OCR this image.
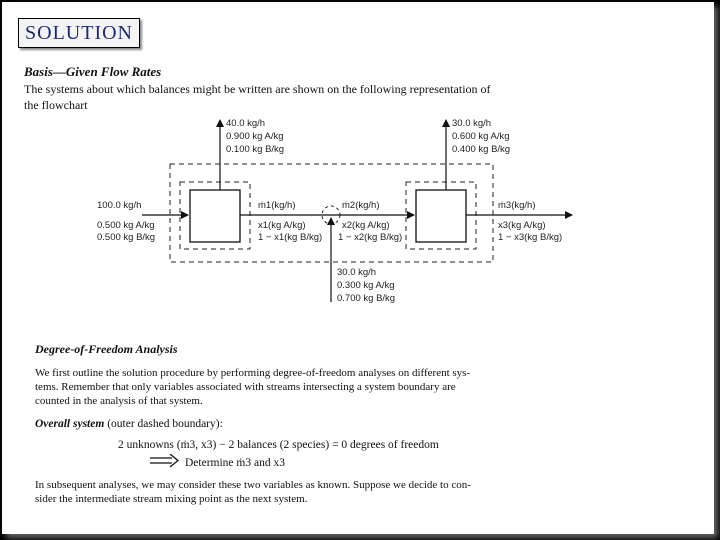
SOLUTION
Basis—Given Flow Rates
The systems about which balances might be written are shown on the following representation of
the flowchart
40.0 kg/h
0.900 kg A/kg
0.100 kg B/kg
30.0 kg/h
0.600 kg A/kg
0.400 kg B/kg
100.0 kg/h
0.500 kg A/kg
0.500 kg B/kg
ṁ1(kg/h)
x1(kg A/kg)
1 − x1(kg B/kg)
ṁ2(kg/h)
x2(kg A/kg)
1 − x2(kg B/kg)
ṁ3(kg/h)
x3(kg A/kg)
1 − x3(kg B/kg)
30.0 kg/h
0.300 kg A/kg
0.700 kg B/kg
Degree-of-Freedom Analysis
We first outline the solution procedure by performing degree-of-freedom analyses on different sys-
tems. Remember that only variables associated with streams intersecting a system boundary are
counted in the analysis of that system.
Overall system (outer dashed boundary):
2 unknowns (ṁ3, x3) − 2 balances (2 species) = 0 degrees of freedom
Determine ṁ3 and x3
In subsequent analyses, we may consider these two variables as known. Suppose we decide to con-
sider the intermediate stream mixing point as the next system.
